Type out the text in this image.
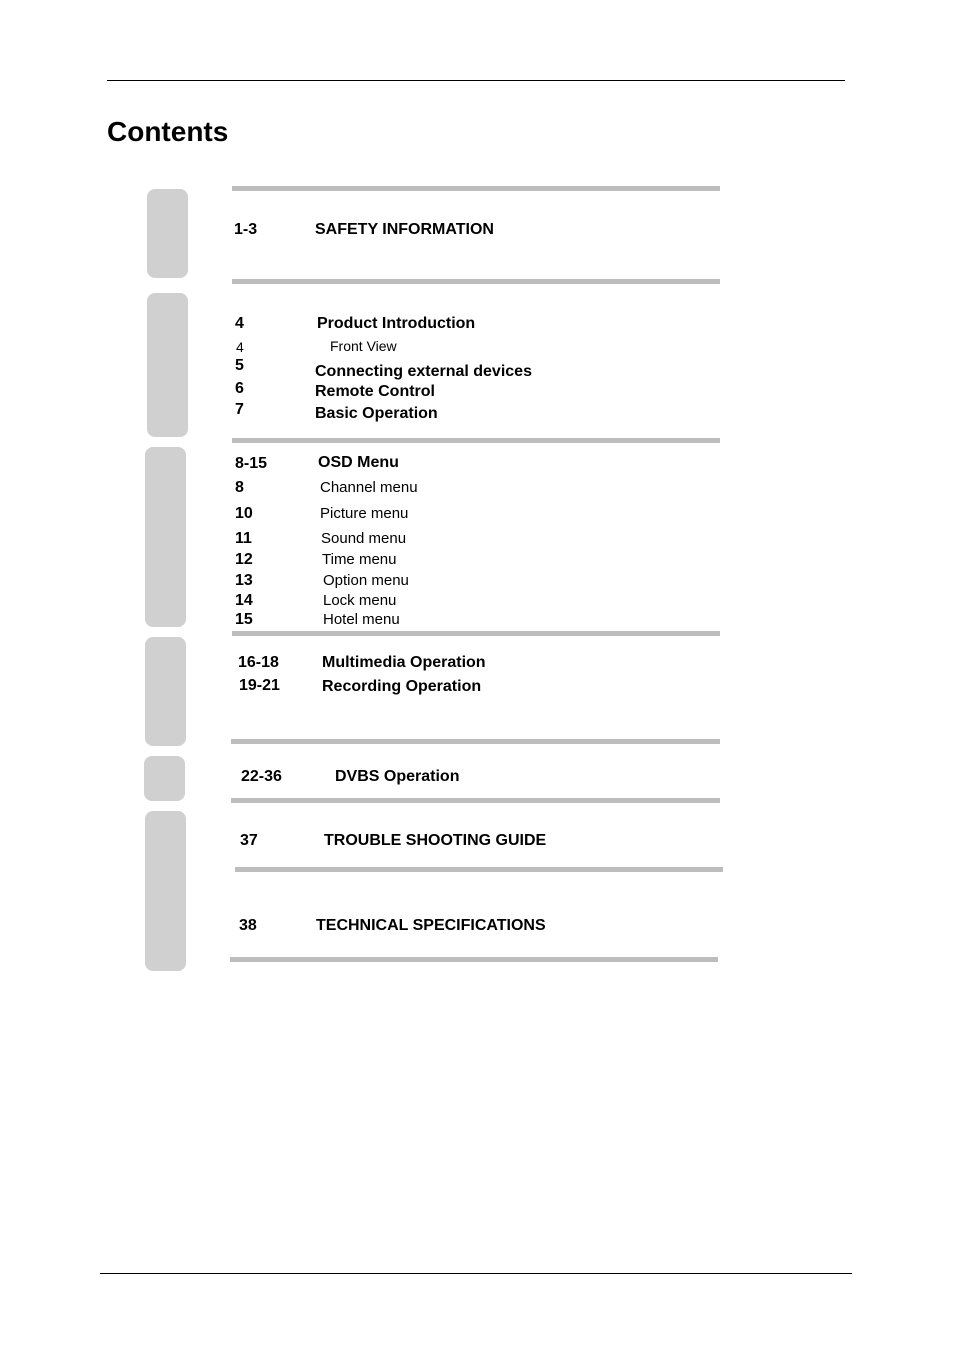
Contents
1-3	SAFETY INFORMATION
4	Product Introduction
4	Front View
5	Connecting external devices
6	Remote Control
7	Basic Operation
8-15	OSD Menu
8	Channel menu
10	Picture menu
11	Sound menu
12	Time menu
13	Option menu
14	Lock menu
15	Hotel menu
16-18	Multimedia Operation
19-21	Recording Operation
22-36	DVBS Operation
37	TROUBLE SHOOTING GUIDE
38	TECHNICAL SPECIFICATIONS
